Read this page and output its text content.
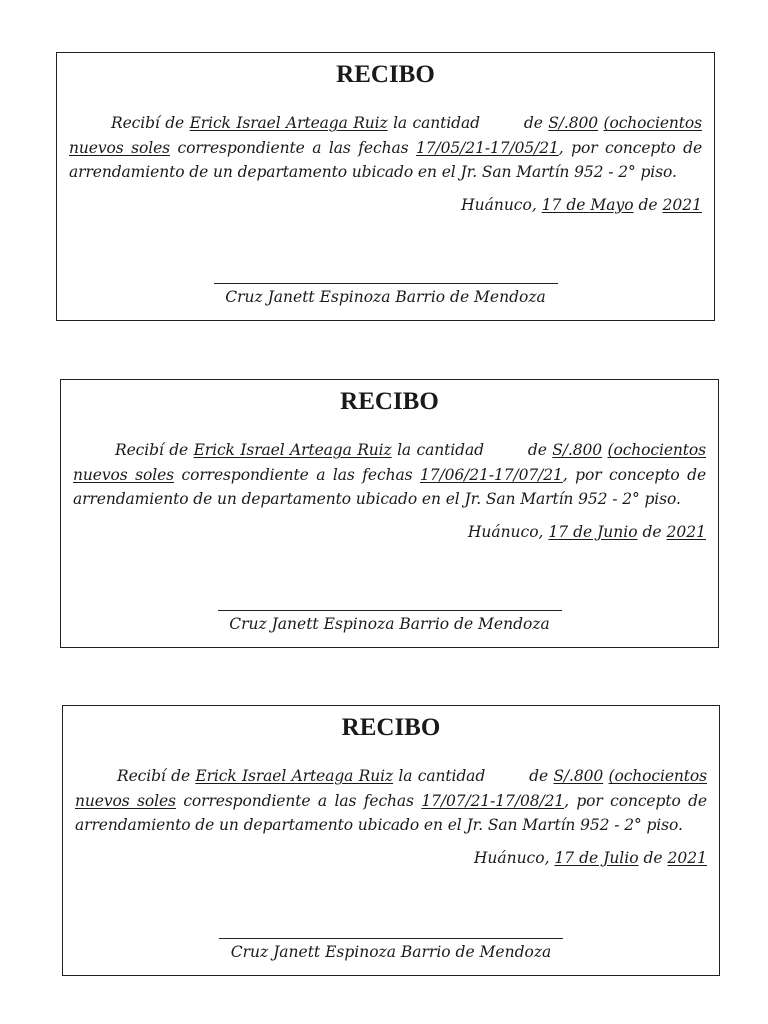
RECIBO
Recibí de Erick Israel Arteaga Ruiz la cantidad	de S/.800 (ochocientos nuevos soles correspondiente a las fechas 17/05/21-17/05/21, por concepto de arrendamiento de un departamento ubicado en el Jr. San Martín 952 - 2° piso.
Huánuco, 17 de Mayo de 2021
Cruz Janett Espinoza Barrio de Mendoza
RECIBO
Recibí de Erick Israel Arteaga Ruiz la cantidad	de S/.800 (ochocientos nuevos soles correspondiente a las fechas 17/06/21-17/07/21, por concepto de arrendamiento de un departamento ubicado en el Jr. San Martín 952 - 2° piso.
Huánuco, 17 de Junio de 2021
Cruz Janett Espinoza Barrio de Mendoza
RECIBO
Recibí de Erick Israel Arteaga Ruiz la cantidad	de S/.800 (ochocientos nuevos soles correspondiente a las fechas 17/07/21-17/08/21, por concepto de arrendamiento de un departamento ubicado en el Jr. San Martín 952 - 2° piso.
Huánuco, 17 de Julio de 2021
Cruz Janett Espinoza Barrio de Mendoza
